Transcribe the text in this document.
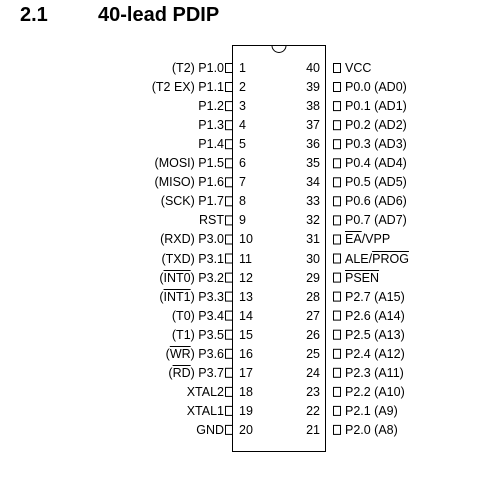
2.1	40-lead PDIP
(T2) P1.0 1
(T2 EX) P1.1 2
P1.2 3
P1.3 4
P1.4 5
(MOSI) P1.5 6
(MISO) P1.6 7
(SCK) P1.7 8
RST 9
(RXD) P3.0 10
(TXD) P3.1 11
(INT0) P3.2 12
(INT1) P3.3 13
(T0) P3.4 14
(T1) P3.5 15
$(\overline{WR})$ P3.6 16
$(\overline{RD})$ P3.7 17
XTAL2 18
XTAL1 19
GND 20
VCC
40
P0.0 (AD0)
39
P0.1 (AD1)
38
P0.2 (AD2)
37
P0.3 (AD3)
36
P0.4 (AD4)
35
P0.5 (AD5)
34
P0.6 (AD6)
33
P0.7 (AD7)
32
$\overline{EA}$/VPP
31
ALE/PROG
30
PSEN
29
P2.7 (A15)
28
P2.6 (A14)
27
P2.5 (A13)
26
P2.4 (A12)
25
P2.3 (A11)
24
P2.2 (A10)
23
P2.1 (A9)
22
P2.0 (A8)
21
